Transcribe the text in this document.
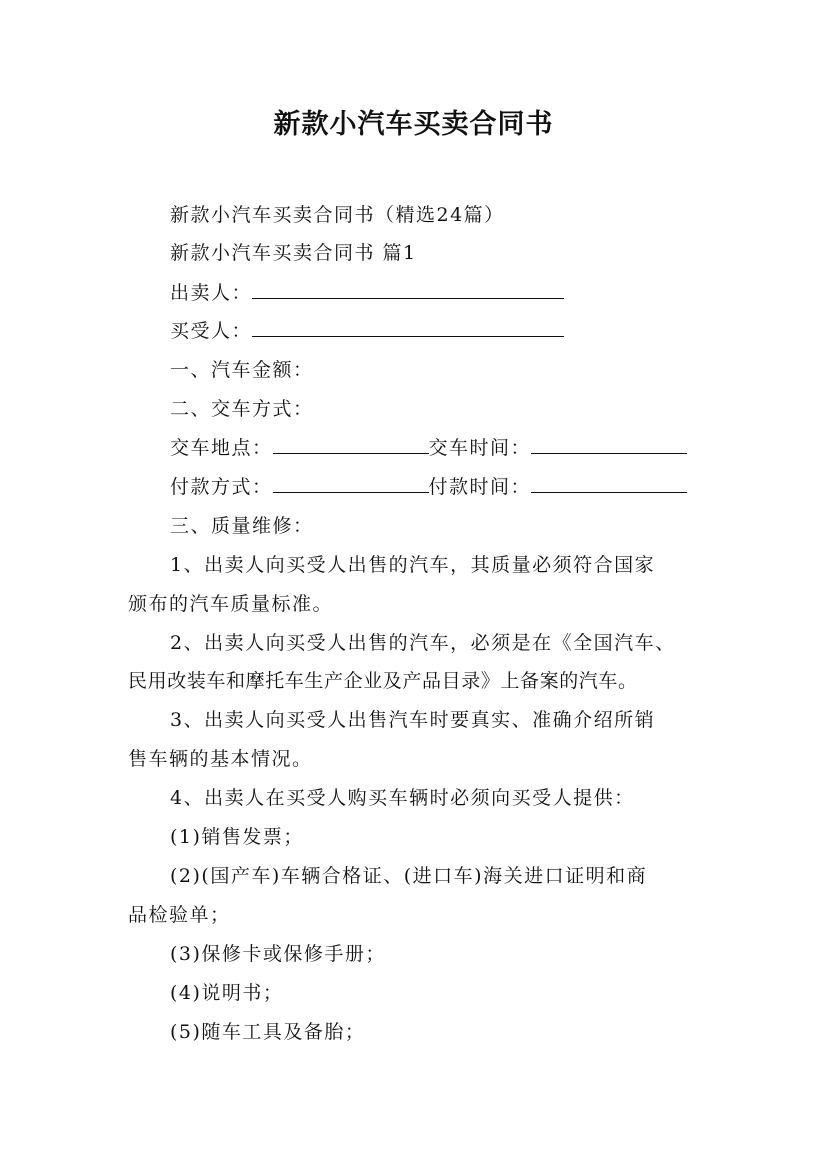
新款小汽车买卖合同书
新款小汽车买卖合同书（精选24篇）
新款小汽车买卖合同书 篇1
出卖人：
买受人：
一、汽车金额：
二、交车方式：
交车地点：	交车时间：
付款方式：	付款时间：
三、质量维修：
1、出卖人向买受人出售的汽车，其质量必须符合国家
颁布的汽车质量标准。
2、出卖人向买受人出售的汽车，必须是在《全国汽车、
民用改装车和摩托车生产企业及产品目录》上备案的汽车。
3、出卖人向买受人出售汽车时要真实、准确介绍所销
售车辆的基本情况。
4、出卖人在买受人购买车辆时必须向买受人提供：
(1)销售发票；
(2)(国产车)车辆合格证、(进口车)海关进口证明和商
品检验单；
(3)保修卡或保修手册；
(4)说明书；
(5)随车工具及备胎；
